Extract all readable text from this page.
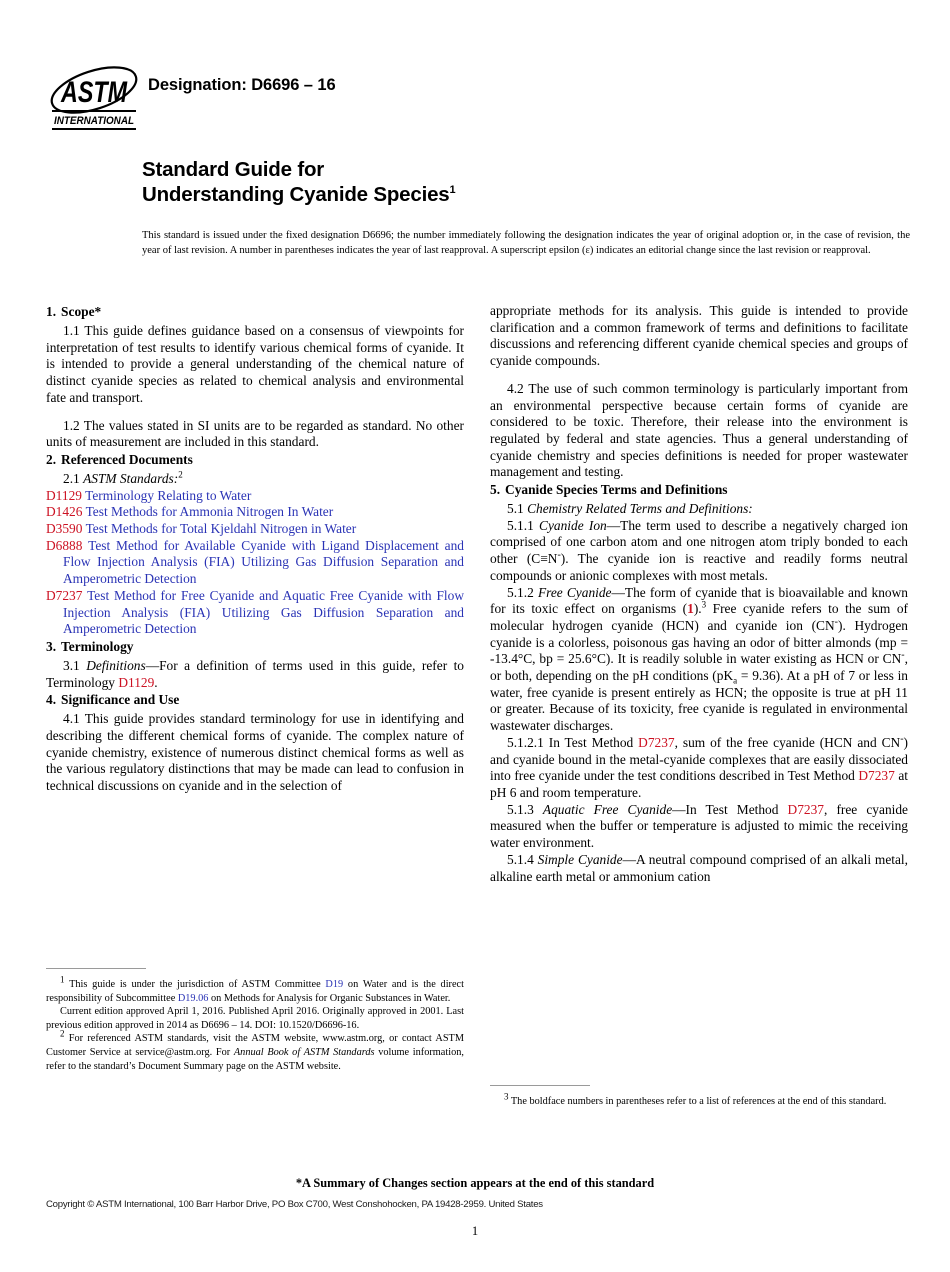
ASTM
INTERNATIONAL
Designation: D6696 – 16
Standard Guide for
Understanding Cyanide Species$^1$
This standard is issued under the fixed designation D6696; the number immediately following the designation indicates the year of original adoption or, in the case of revision, the year of last revision. A number in parentheses indicates the year of last reapproval. A superscript epsilon (ε) indicates an editorial change since the last revision or reapproval.
1. Scope*

1.1 This guide defines guidance based on a consensus of viewpoints for interpretation of test results to identify various chemical forms of cyanide. It is intended to provide a general understanding of the chemical nature of distinct cyanide species as related to chemical analysis and environmental fate and transport.

1.2 The values stated in SI units are to be regarded as standard. No other units of measurement are included in this standard.

2. Referenced Documents

2.1 ASTM Standards:$^2$

D1129 Terminology Relating to Water
D1426 Test Methods for Ammonia Nitrogen In Water
D3590 Test Methods for Total Kjeldahl Nitrogen in Water
D6888 Test Method for Available Cyanide with Ligand Displacement and Flow Injection Analysis (FIA) Utilizing Gas Diffusion Separation and Amperometric Detection
D7237 Test Method for Free Cyanide and Aquatic Free Cyanide with Flow Injection Analysis (FIA) Utilizing Gas Diffusion Separation and Amperometric Detection
3. Terminology

3.1 Definitions—For a definition of terms used in this guide, refer to Terminology D1129.

4. Significance and Use

4.1 This guide provides standard terminology for use in identifying and describing the different chemical forms of cyanide. The complex nature of cyanide chemistry, existence of numerous distinct chemical forms as well as the various regulatory distinctions that may be made can lead to confusion in technical discussions on cyanide and in the selection of

appropriate methods for its analysis. This guide is intended to provide clarification and a common framework of terms and definitions to facilitate discussions and referencing different cyanide chemical species and groups of cyanide compounds.

4.2 The use of such common terminology is particularly important from an environmental perspective because certain forms of cyanide are considered to be toxic. Therefore, their release into the environment is regulated by federal and state agencies. Thus a general understanding of cyanide chemistry and species definitions is needed for proper wastewater management and testing.

5. Cyanide Species Terms and Definitions

5.1 Chemistry Related Terms and Definitions:

5.1.1 Cyanide Ion—The term used to describe a negatively charged ion comprised of one carbon atom and one nitrogen atom triply bonded to each other (C≡N-). The cyanide ion is reactive and readily forms neutral compounds or anionic complexes with most metals.

5.1.2 Free Cyanide—The form of cyanide that is bioavailable and known for its toxic effect on organisms (1).$^3$ Free cyanide refers to the sum of molecular hydrogen cyanide (HCN) and cyanide ion (CN-). Hydrogen cyanide is a colorless, poisonous gas having an odor of bitter almonds (mp = -13.4°C, bp = 25.6°C). It is readily soluble in water existing as HCN or CN-, or both, depending on the pH conditions $(pK_a = 9.36)$. At a pH of 7 or less in water, free cyanide is present entirely as HCN; the opposite is true at pH 11 or greater. Because of its toxicity, free cyanide is regulated in environmental wastewater discharges.

5.1.2.1 In Test Method D7237, sum of the free cyanide (HCN and CN-) and cyanide bound in the metal-cyanide complexes that are easily dissociated into free cyanide under the test conditions described in Test Method D7237 at pH 6 and room temperature.

5.1.3 Aquatic Free Cyanide—In Test Method D7237, free cyanide measured when the buffer or temperature is adjusted to mimic the receiving water environment.

5.1.4 Simple Cyanide—A neutral compound comprised of an alkali metal, alkaline earth metal or ammonium cation

$^1$ This guide is under the jurisdiction of ASTM Committee D19 on Water and is the direct responsibility of Subcommittee D19.06 on Methods for Analysis for Organic Substances in Water.

Current edition approved April 1, 2016. Published April 2016. Originally approved in 2001. Last previous edition approved in 2014 as D6696 – 14. DOI: 10.1520/D6696-16.

$^2$ For referenced ASTM standards, visit the ASTM website, www.astm.org, or contact ASTM Customer Service at service@astm.org. For Annual Book of ASTM Standards volume information, refer to the standard’s Document Summary page on the ASTM website.

$^3$ The boldface numbers in parentheses refer to a list of references at the end of this standard.

*A Summary of Changes section appears at the end of this standard
Copyright © ASTM International, 100 Barr Harbor Drive, PO Box C700, West Conshohocken, PA 19428-2959. United States
1
